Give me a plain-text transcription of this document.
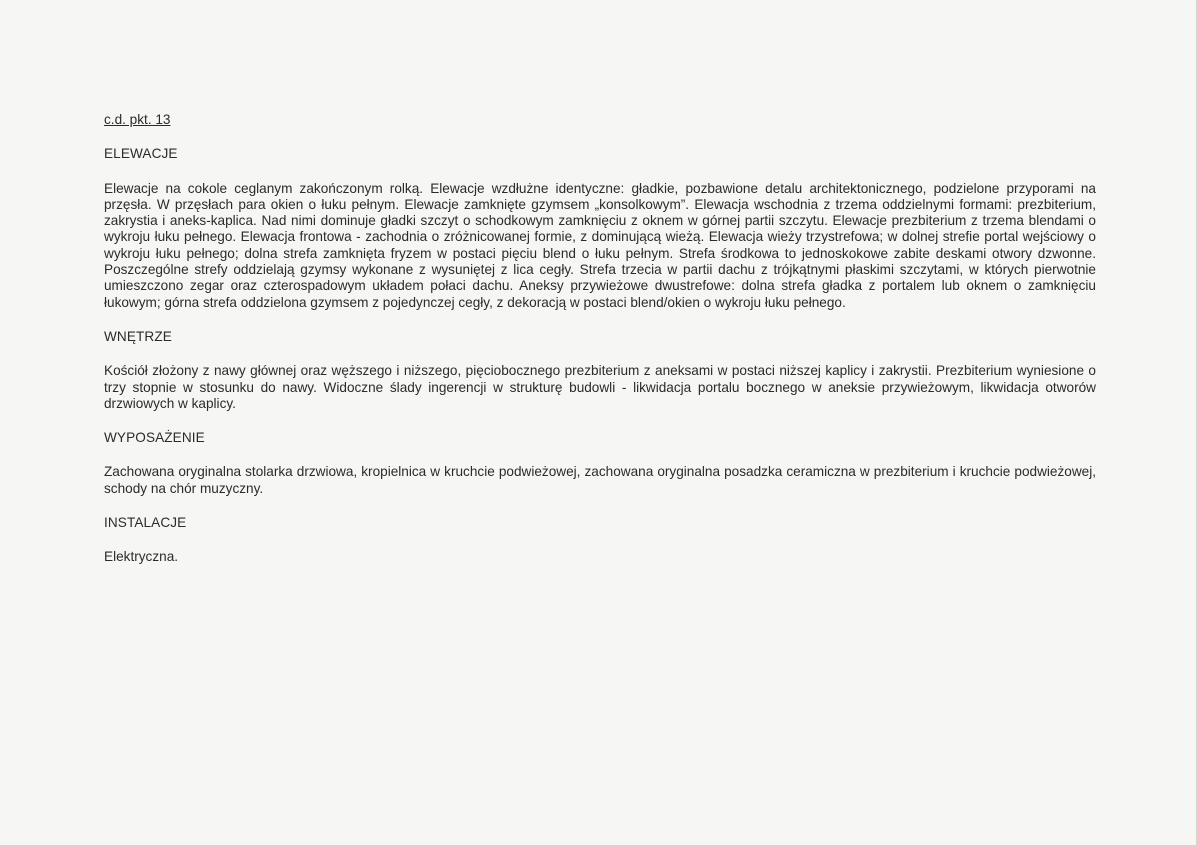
c.d. pkt. 13
ELEWACJE
Elewacje na cokole ceglanym zakończonym rolką. Elewacje wzdłużne identyczne: gładkie, pozbawione detalu architektonicznego, podzielone przyporami na przęsła. W przęsłach para okien o łuku pełnym. Elewacje zamknięte gzymsem „konsolkowym”. Elewacja wschodnia z trzema oddzielnymi formami: prezbiterium, zakrystia i aneks-kaplica. Nad nimi dominuje gładki szczyt o schodkowym zamknięciu z oknem w górnej partii szczytu. Elewacje prezbiterium z trzema blendami o wykroju łuku pełnego. Elewacja frontowa - zachodnia o zróżnicowanej formie, z dominującą wieżą. Elewacja wieży trzystrefowa; w dolnej strefie portal wejściowy o wykroju łuku pełnego; dolna strefa zamknięta fryzem w postaci pięciu blend o łuku pełnym. Strefa środkowa to jednoskokowe zabite deskami otwory dzwonne. Poszczególne strefy oddzielają gzymsy wykonane z wysuniętej z lica cegły. Strefa trzecia w partii dachu z trójkątnymi płaskimi szczytami, w których pierwotnie umieszczono zegar oraz czterospadowym układem połaci dachu. Aneksy przywieżowe dwustrefowe: dolna strefa gładka z portalem lub oknem o zamknięciu łukowym; górna strefa oddzielona gzymsem z pojedynczej cegły, z dekoracją w postaci blend/okien o wykroju łuku pełnego.
WNĘTRZE
Kościół złożony z nawy głównej oraz węższego i niższego, pięciobocznego prezbiterium z aneksami w postaci niższej kaplicy i zakrystii. Prezbiterium wyniesione o trzy stopnie w stosunku do nawy. Widoczne ślady ingerencji w strukturę budowli - likwidacja portalu bocznego w aneksie przywieżowym, likwidacja otworów drzwiowych w kaplicy.
WYPOSAŻENIE
Zachowana oryginalna stolarka drzwiowa, kropielnica w kruchcie podwieżowej, zachowana oryginalna posadzka ceramiczna w prezbiterium i kruchcie podwieżowej, schody na chór muzyczny.
INSTALACJE
Elektryczna.
